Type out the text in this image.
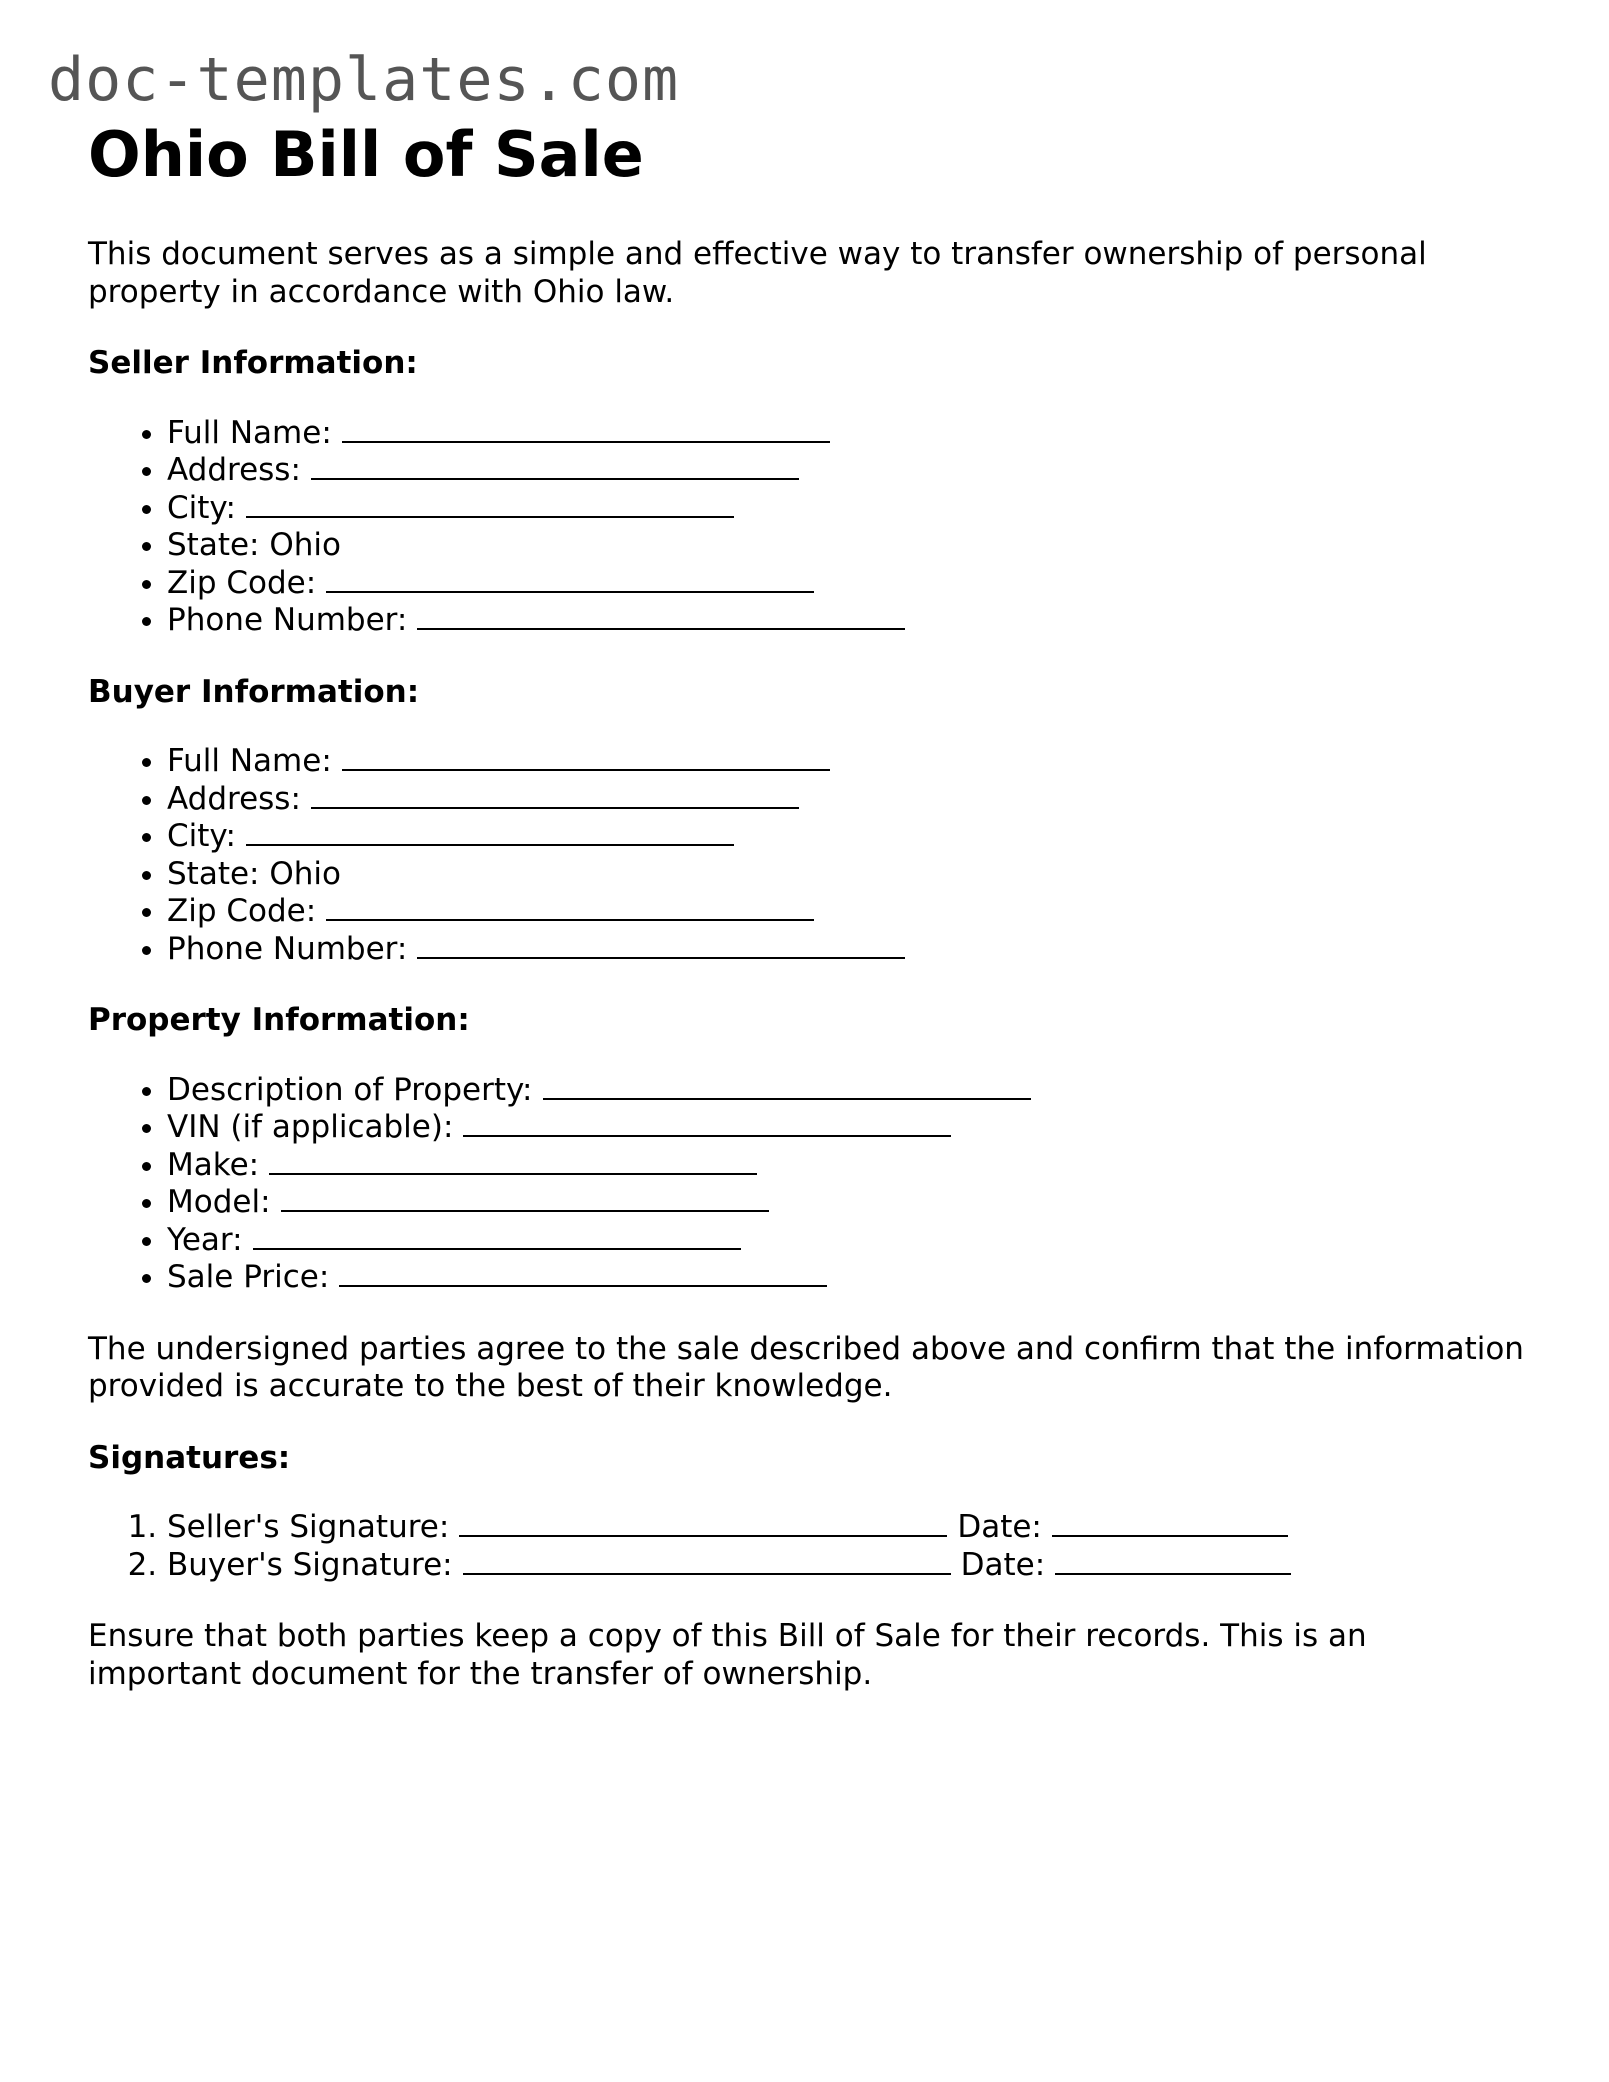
doc-templates.com
Ohio Bill of Sale

This document serves as a simple and effective way to transfer ownership of personal property in accordance with Ohio law.

Seller Information:
• Full Name:
• Address:
• City:
• State: Ohio
• Zip Code:
• Phone Number:
Buyer Information:
• Full Name:
• Address:
• City:
• State: Ohio
• Zip Code:
• Phone Number:
Property Information:
• Description of Property:
• VIN (if applicable):
• Make:
• Model:
• Year:
• Sale Price:

The undersigned parties agree to the sale described above and confirm that the information provided is accurate to the best of their knowledge.

Signatures:
1. Seller's Signature:	Date:
2. Buyer's Signature:	Date:

Ensure that both parties keep a copy of this Bill of Sale for their records. This is an important document for the transfer of ownership.
